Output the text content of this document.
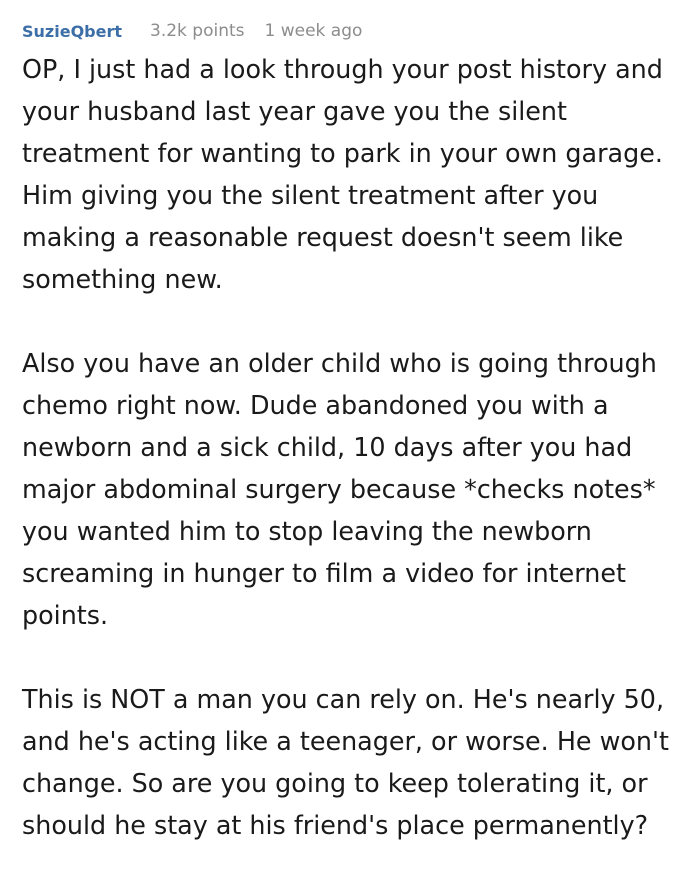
SuzieQbert 3.2k points 1 week ago

OP, I just had a look through your post history and your husband last year gave you the silent treatment for wanting to park in your own garage. Him giving you the silent treatment after you making a reasonable request doesn't seem like something new.

Also you have an older child who is going through chemo right now. Dude abandoned you with a newborn and a sick child, 10 days after you had major abdominal surgery because *checks notes* you wanted him to stop leaving the newborn screaming in hunger to film a video for internet points.

This is NOT a man you can rely on. He's nearly 50, and he's acting like a teenager, or worse. He won't change. So are you going to keep tolerating it, or should he stay at his friend's place permanently?
